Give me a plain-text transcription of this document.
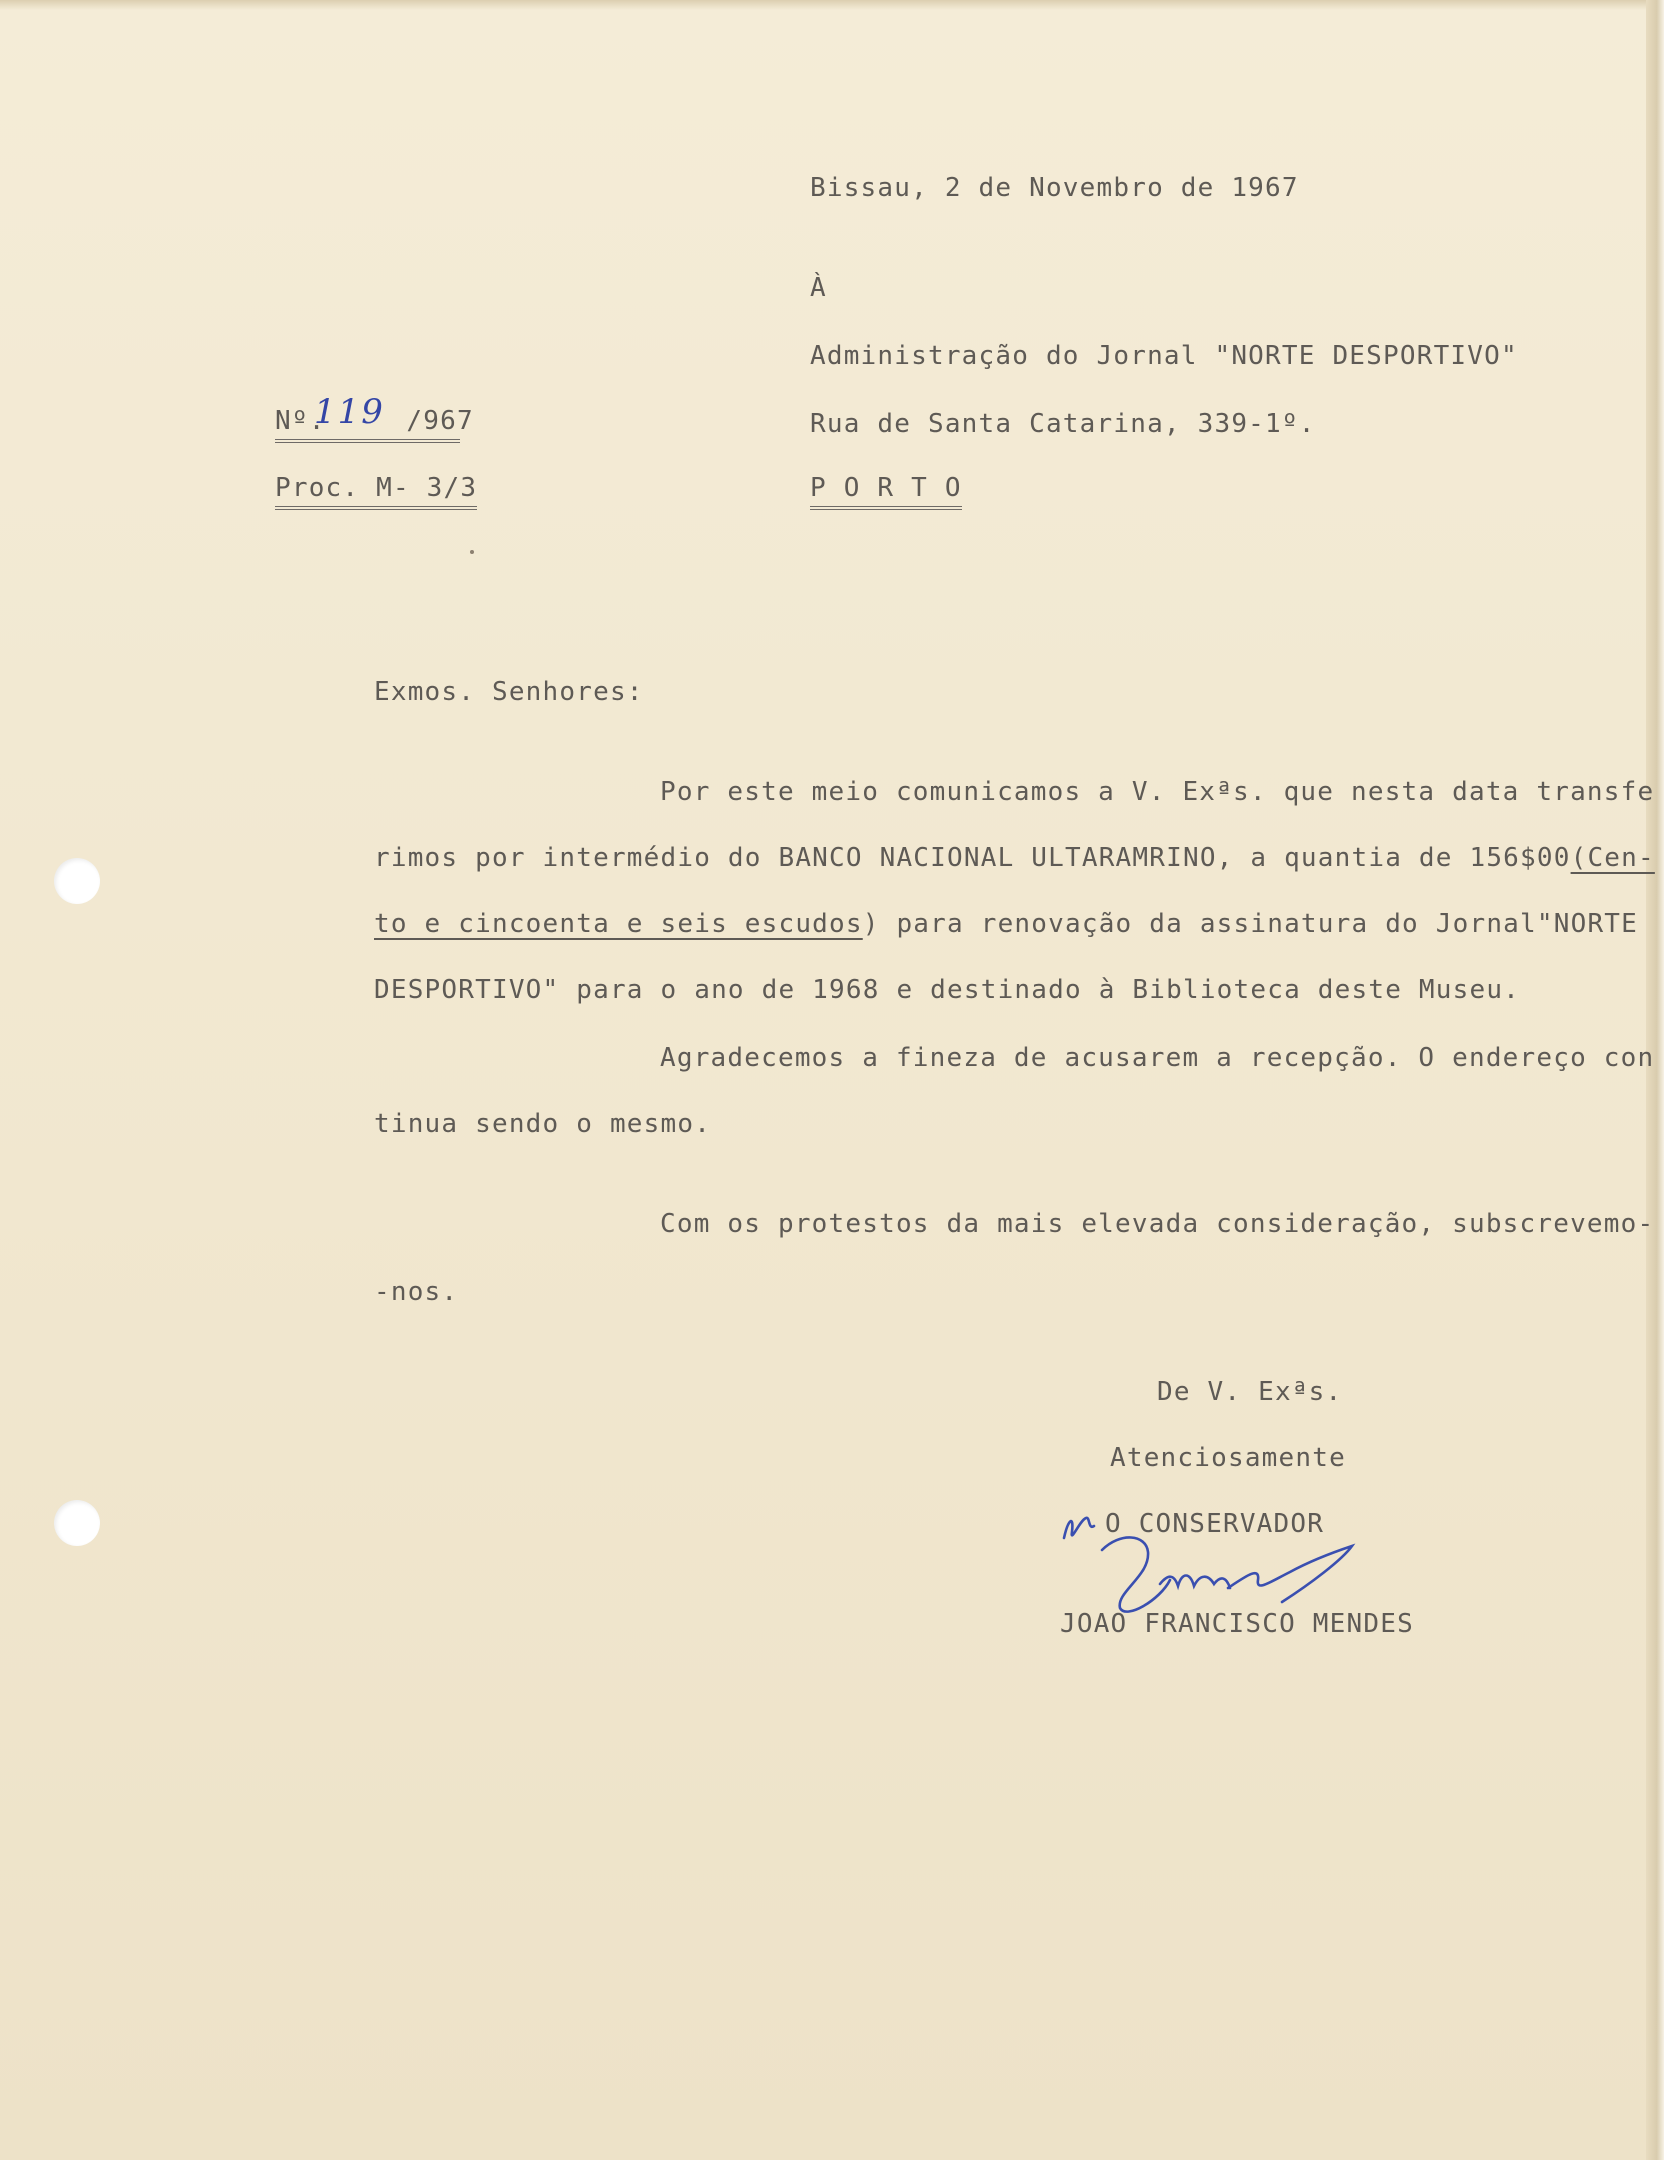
Bissau, 2 de Novembro de 1967
À
Administração do Jornal "NORTE DESPORTIVO"
Rua de Santa Catarina, 339-1º.
P O R T O
Nº.	/967
119
Proc. M- 3/3
Exmos. Senhores:
Por este meio comunicamos a V. Exªs. que nesta data transfe
rimos por intermédio do BANCO NACIONAL ULTARAMRINO, a quantia de 156$00(Cen-
to e cincoenta e seis escudos) para renovação da assinatura do Jornal"NORTE
DESPORTIVO" para o ano de 1968 e destinado à Biblioteca deste Museu.
Agradecemos a fineza de acusarem a recepção. O endereço con
tinua sendo o mesmo.
Com os protestos da mais elevada consideração, subscrevemo-
-nos.
De V. Exªs.
Atenciosamente
O CONSERVADOR
JOAO FRANCISCO MENDES
